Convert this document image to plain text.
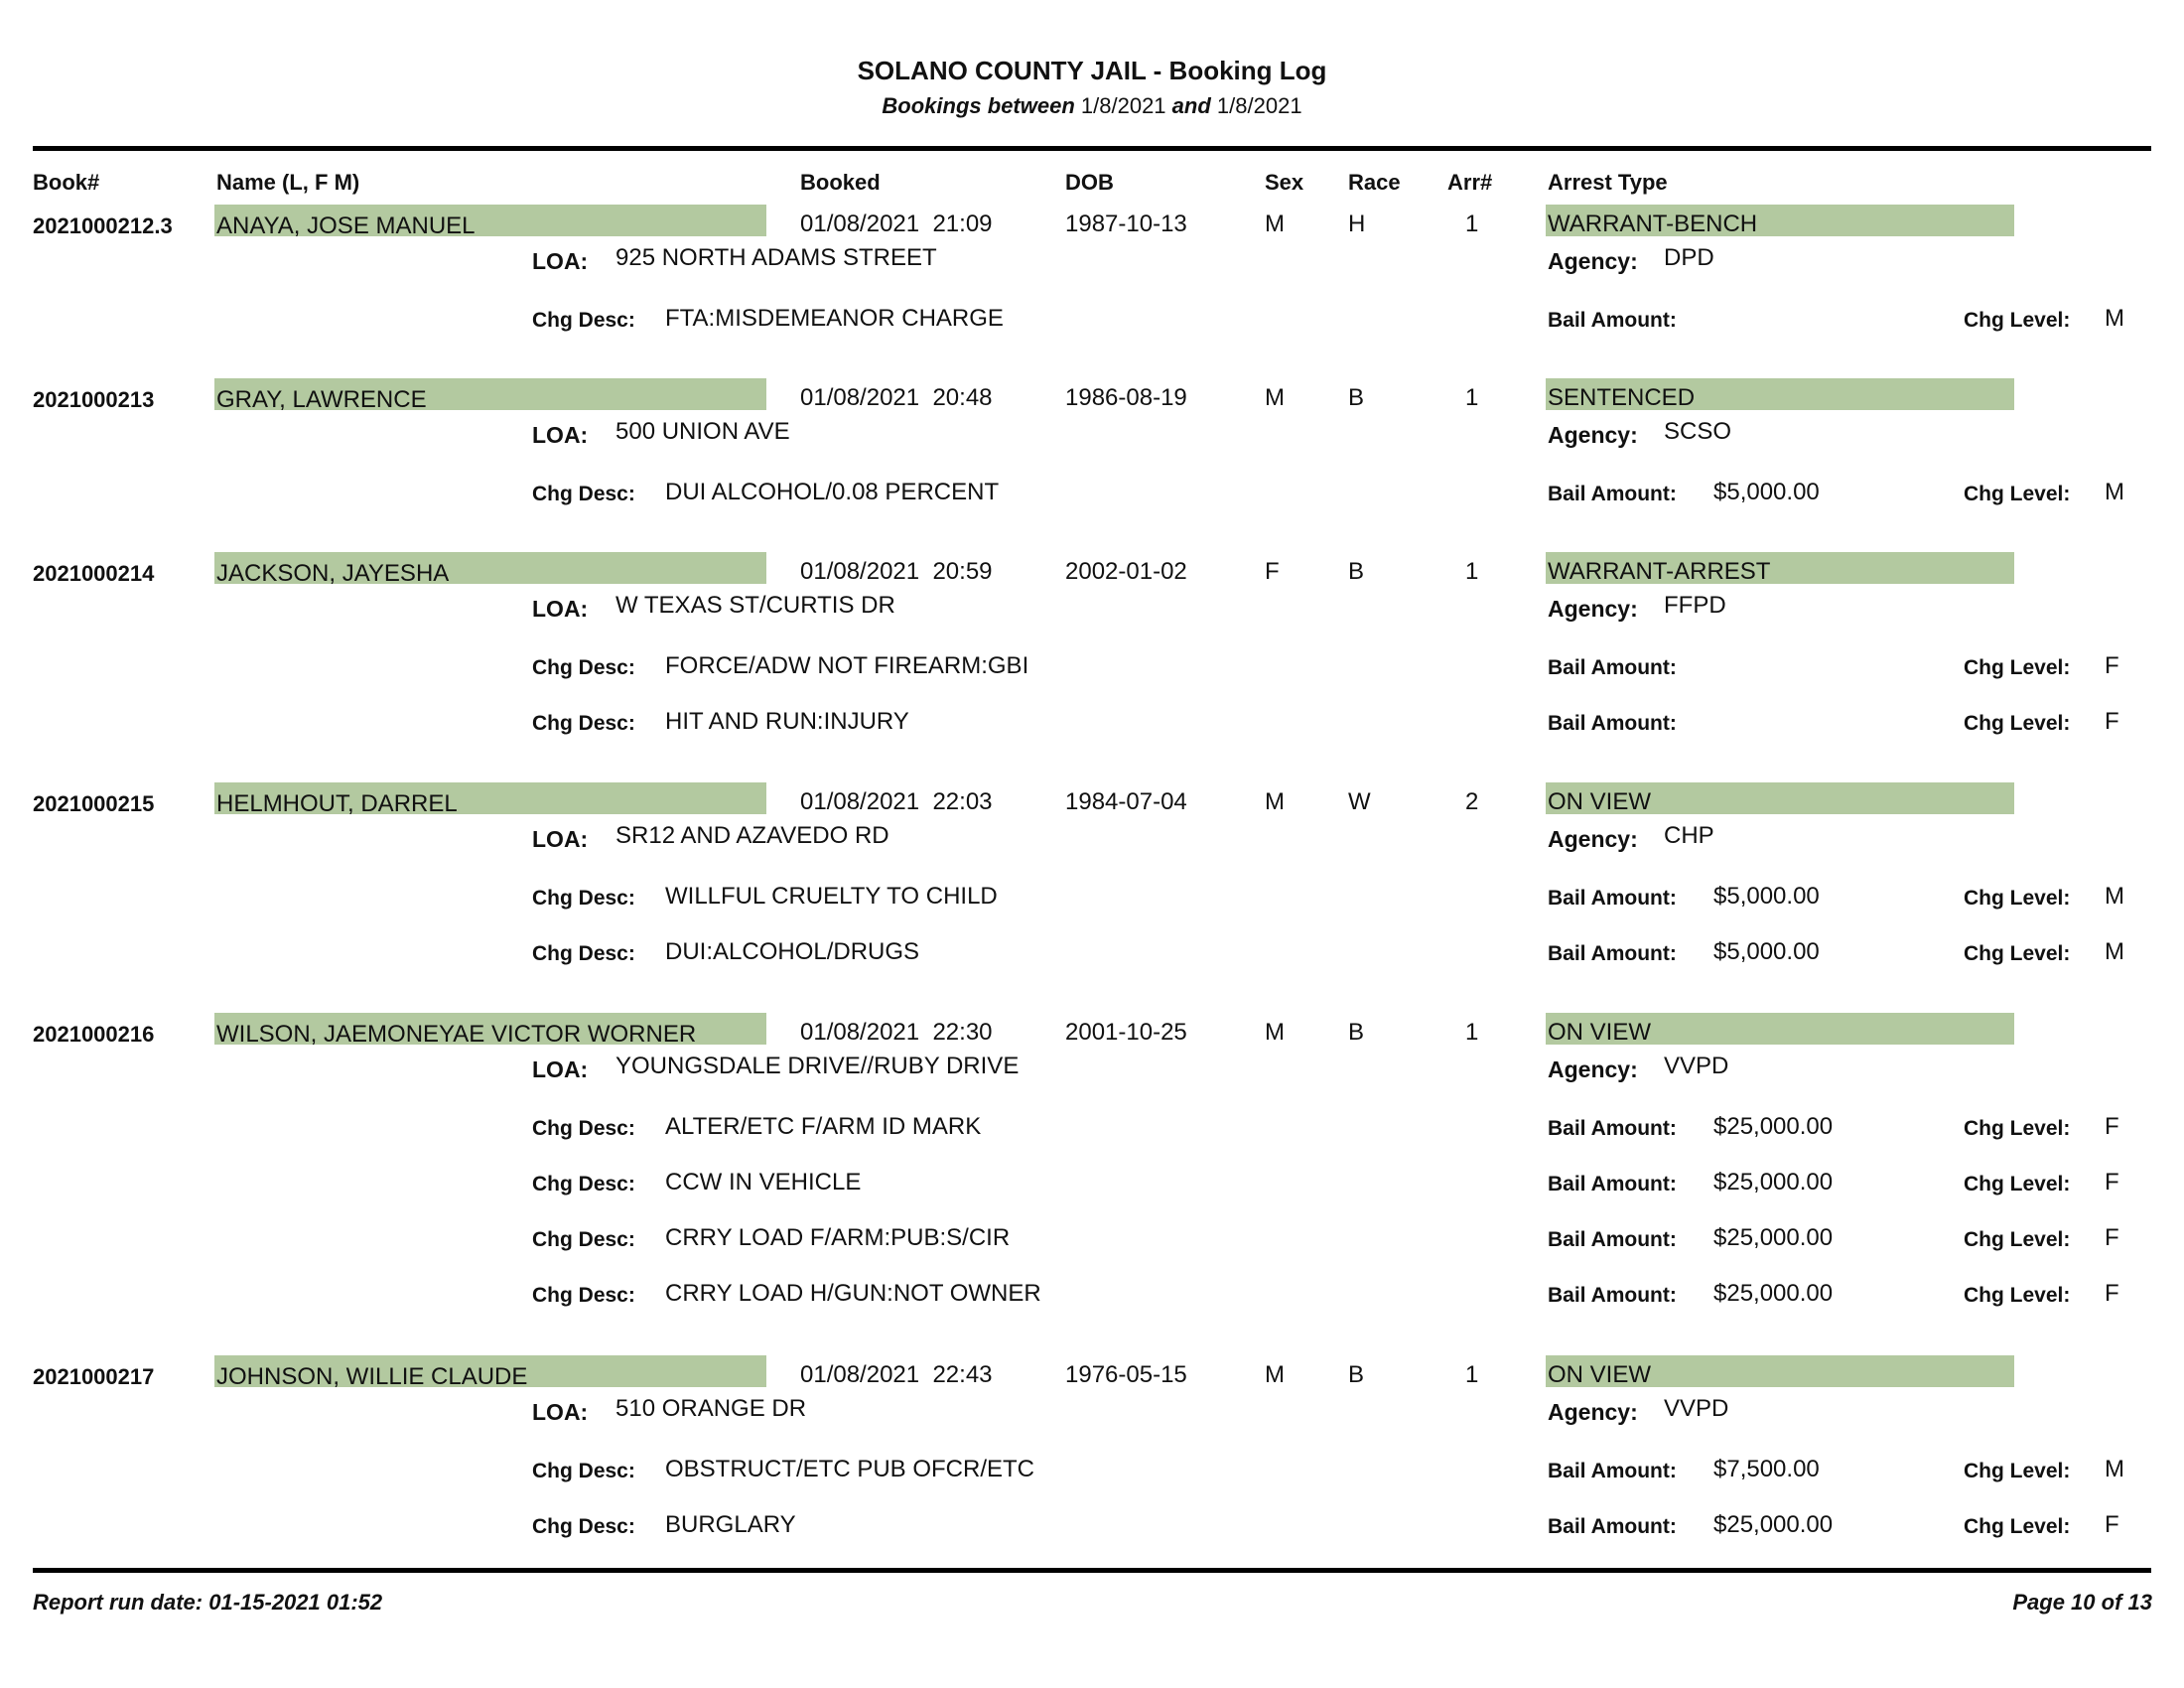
SOLANO COUNTY JAIL - Booking Log
Bookings between 1/8/2021 and 1/8/2021
Book#	Name (L, F M)	Booked	DOB	Sex Race Arr#	Arrest Type
2021000212.3 ANAYA, JOSE MANUEL	01/08/2021  21:09	1987-10-13	M	H	1	WARRANT-BENCH
LOA: 925 NORTH ADAMS STREET	Agency: DPD
Chg Desc: FTA:MISDEMEANOR CHARGE	Bail Amount:	Chg Level: M
2021000213	GRAY, LAWRENCE	01/08/2021  20:48	1986-08-19	M	B	1	SENTENCED
LOA: 500 UNION AVE	Agency: SCSO
Chg Desc: DUI ALCOHOL/0.08 PERCENT	Bail Amount: $5,000.00	Chg Level: M
2021000214	JACKSON, JAYESHA	01/08/2021  20:59	2002-01-02	F	B	1	WARRANT-ARREST
LOA: W TEXAS ST/CURTIS DR	Agency: FFPD
Chg Desc: FORCE/ADW NOT FIREARM:GBI	Bail Amount:	Chg Level: F
Chg Desc: HIT AND RUN:INJURY	Bail Amount:	Chg Level: F
2021000215	HELMHOUT, DARREL	01/08/2021  22:03	1984-07-04	M	W	2	ON VIEW
LOA: SR12 AND AZAVEDO RD	Agency: CHP
Chg Desc: WILLFUL CRUELTY TO CHILD	Bail Amount: $5,000.00	Chg Level: M
Chg Desc: DUI:ALCOHOL/DRUGS	Bail Amount: $5,000.00	Chg Level: M
2021000216	WILSON, JAEMONEYAE VICTOR WORNER	01/08/2021  22:30	2001-10-25	M	B	1	ON VIEW
LOA: YOUNGSDALE DRIVE//RUBY DRIVE	Agency: VVPD
Chg Desc: ALTER/ETC F/ARM ID MARK	Bail Amount: $25,000.00	Chg Level: F
Chg Desc: CCW IN VEHICLE	Bail Amount: $25,000.00	Chg Level: F
Chg Desc: CRRY LOAD F/ARM:PUB:S/CIR	Bail Amount: $25,000.00	Chg Level: F
Chg Desc: CRRY LOAD H/GUN:NOT OWNER	Bail Amount: $25,000.00	Chg Level: F
2021000217	JOHNSON, WILLIE CLAUDE	01/08/2021  22:43	1976-05-15	M	B	1	ON VIEW
LOA: 510 ORANGE DR	Agency: VVPD
Chg Desc: OBSTRUCT/ETC PUB OFCR/ETC	Bail Amount: $7,500.00	Chg Level: M
Chg Desc: BURGLARY	Bail Amount: $25,000.00	Chg Level: F
Report run date: 01-15-2021 01:52	Page 10 of 13
